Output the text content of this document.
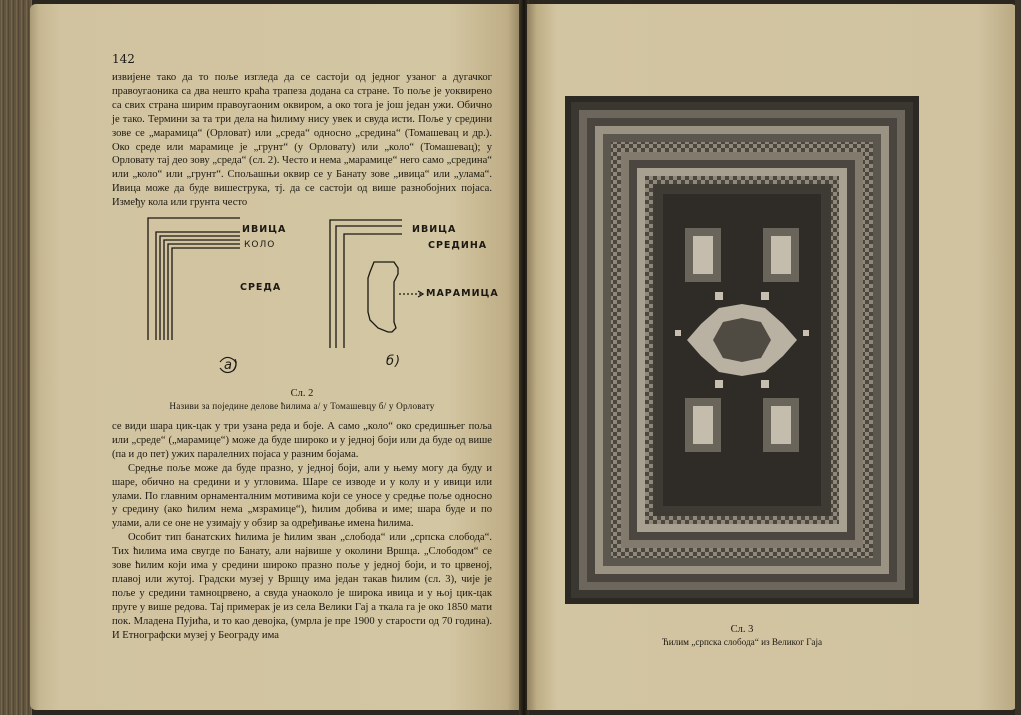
142

извијене тако да то поље изгледа да се састоји од једног узаног а дугачког правоугаоника са два нешто краћа трапеза додана са стране. То поље је уоквирено са свих страна ширим правоугаоним оквиром, а око тога је још један ужи. Обично је тако. Термини за та три дела на ћилиму нису увек и свуда исти. Поље у средини зове се „марамица“ (Орловат) или „среда“ односно „средина“ (Томашевац и др.). Око среде или марамице је „грунт“ (у Орловату) или „коло“ (Томашевац); у Орловату тај део зову „среда“ (сл. 2). Често и нема „марамице“ него само „средина“ или „коло“ или „грунт“. Спољашњи оквир се у Банату зове „ивица“ или „улама“. Ивица може да буде вишеструка, тј. да се састоји од више разнобојних појаса. Између кола или грунта често

ИВИЦА
КОЛО
СРЕДА
ИВИЦА
СРЕДИНА
МАРАМИЦА
а)	б)
Сл. 2
Називи за поједине делове ћилима а/ у Томашевцу б/ у Орловату

се види шара цик-цак у три узана реда и боје. А само „коло“ око средишњег поља или „среде“ („марамице“) може да буде широко и у једној боји или да буде од више (па и до пет) ужих паралелних појаса у разним бојама.

Средње поље може да буде празно, у једној боји, али у њему могу да буду и шаре, обично на средини и у угловима. Шаре се изводе и у колу и у ивици или улами. По главним орнаменталним мотивима који се уносе у средње поље односно у средину (ако ћилим нема „мзрамице“), ћилим добива и име; шара буде и по улами, али се оне не узимају у обзир за одређивање имена ћилима.

Особит тип банатских ћилима је ћилим зван „слобода“ или „српска слобода“. Тих ћилима има свугде по Банату, али највише у околини Вршца. „Слободом“ се зове ћилим који има у средини широко празно поље у једној боји, и то црвеној, плавој или жутој. Градски музеј у Вршцу има један такав ћилим (сл. 3), чије је поље у средини тамноцрвено, а свуда унаоколо је широка ивица и у њој цик-цак пруге у више редова. Тај примерак је из села Велики Гај а ткала га је око 1850 мати пок. Младена Пујића, и то као девојка, (умрла је пре 1900 у старости од 70 година). И Етнографски музеј у Београду има

Сл. 3
Ћилим „српска слобода“ из Великог Гаја
